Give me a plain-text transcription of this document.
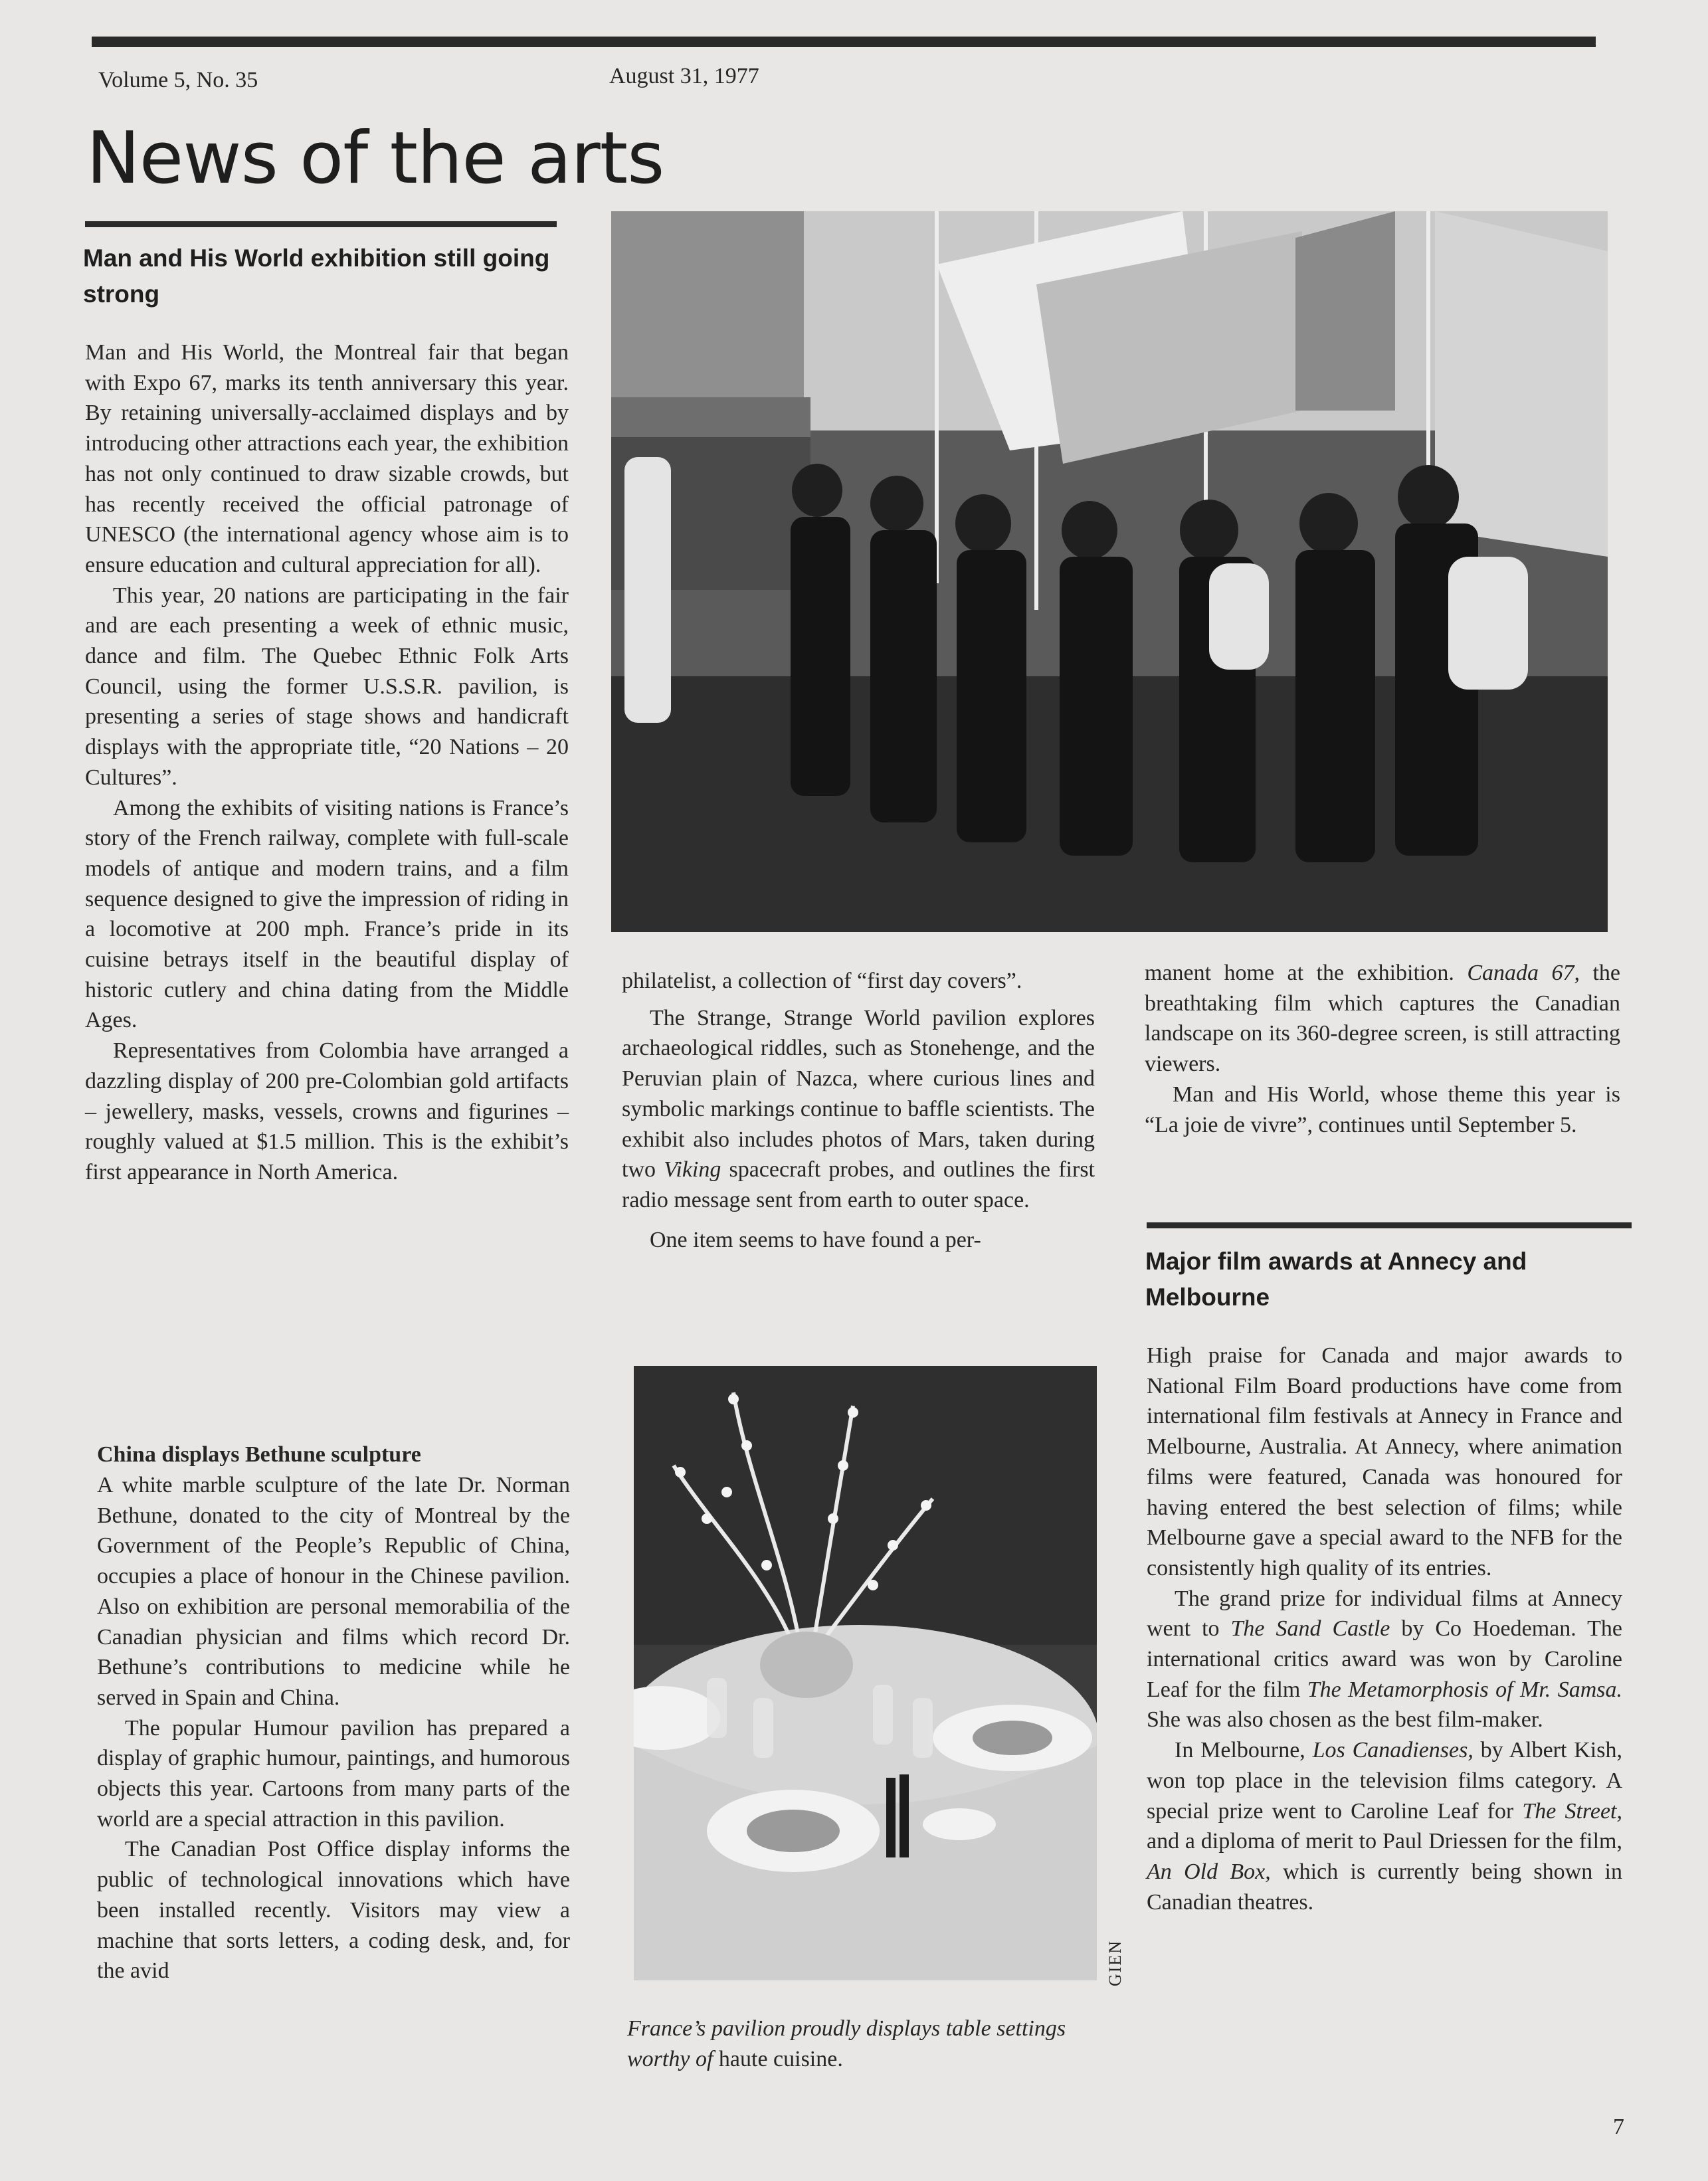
Volume 5, No. 35	August 31, 1977
News of the arts
Man and His World exhibition still going strong

Man and His World, the Montreal fair that began with Expo 67, marks its tenth anniversary this year. By retaining universally-acclaimed displays and by introducing other attractions each year, the exhibition has not only continued to draw sizable crowds, but has recently received the official patronage of UNESCO (the international agency whose aim is to ensure education and cultural appreciation for all).

This year, 20 nations are participating in the fair and are each presenting a week of ethnic music, dance and film. The Quebec Ethnic Folk Arts Council, using the former U.S.S.R. pavilion, is presenting a series of stage shows and handicraft displays with the appropriate title, “20 Nations – 20 Cultures”.

Among the exhibits of visiting nations is France’s story of the French railway, complete with full-scale models of antique and modern trains, and a film sequence designed to give the impression of riding in a locomotive at 200 mph. France’s pride in its cuisine betrays itself in the beautiful display of historic cutlery and china dating from the Middle Ages.

Representatives from Colombia have arranged a dazzling display of 200 pre-Colombian gold artifacts – jewellery, masks, vessels, crowns and figurines – roughly valued at $1.5 million. This is the exhibit’s first appearance in North America.

China displays Bethune sculpture

A white marble sculpture of the late Dr. Norman Bethune, donated to the city of Montreal by the Government of the People’s Republic of China, occupies a place of honour in the Chinese pavilion. Also on exhibition are personal memorabilia of the Canadian physician and films which record Dr. Bethune’s contributions to medicine while he served in Spain and China.

The popular Humour pavilion has prepared a display of graphic humour, paintings, and humorous objects this year. Cartoons from many parts of the world are a special attraction in this pavilion.

The Canadian Post Office display informs the public of technological innovations which have been installed recently. Visitors may view a machine that sorts letters, a coding desk, and, for the avid

philatelist, a collection of “first day covers”.

The Strange, Strange World pavilion explores archaeological riddles, such as Stonehenge, and the Peruvian plain of Nazca, where curious lines and symbolic markings continue to baffle scientists. The exhibit also includes photos of Mars, taken during two Viking spacecraft probes, and outlines the first radio message sent from earth to outer space.

One item seems to have found a per-

GIEN
France’s pavilion proudly displays table settings worthy of haute cuisine.

manent home at the exhibition. Canada 67, the breathtaking film which captures the Canadian landscape on its 360-degree screen, is still attracting viewers.

Man and His World, whose theme this year is “La joie de vivre”, continues until September 5.

Major film awards at Annecy and Melbourne

High praise for Canada and major awards to National Film Board productions have come from international film festivals at Annecy in France and Melbourne, Australia. At Annecy, where animation films were featured, Canada was honoured for having entered the best selection of films; while Melbourne gave a special award to the NFB for the consistently high quality of its entries.

The grand prize for individual films at Annecy went to The Sand Castle by Co Hoedeman. The international critics award was won by Caroline Leaf for the film The Metamorphosis of Mr. Samsa. She was also chosen as the best film-maker.

In Melbourne, Los Canadienses, by Albert Kish, won top place in the television films category. A special prize went to Caroline Leaf for The Street, and a diploma of merit to Paul Driessen for the film, An Old Box, which is currently being shown in Canadian theatres.

7
